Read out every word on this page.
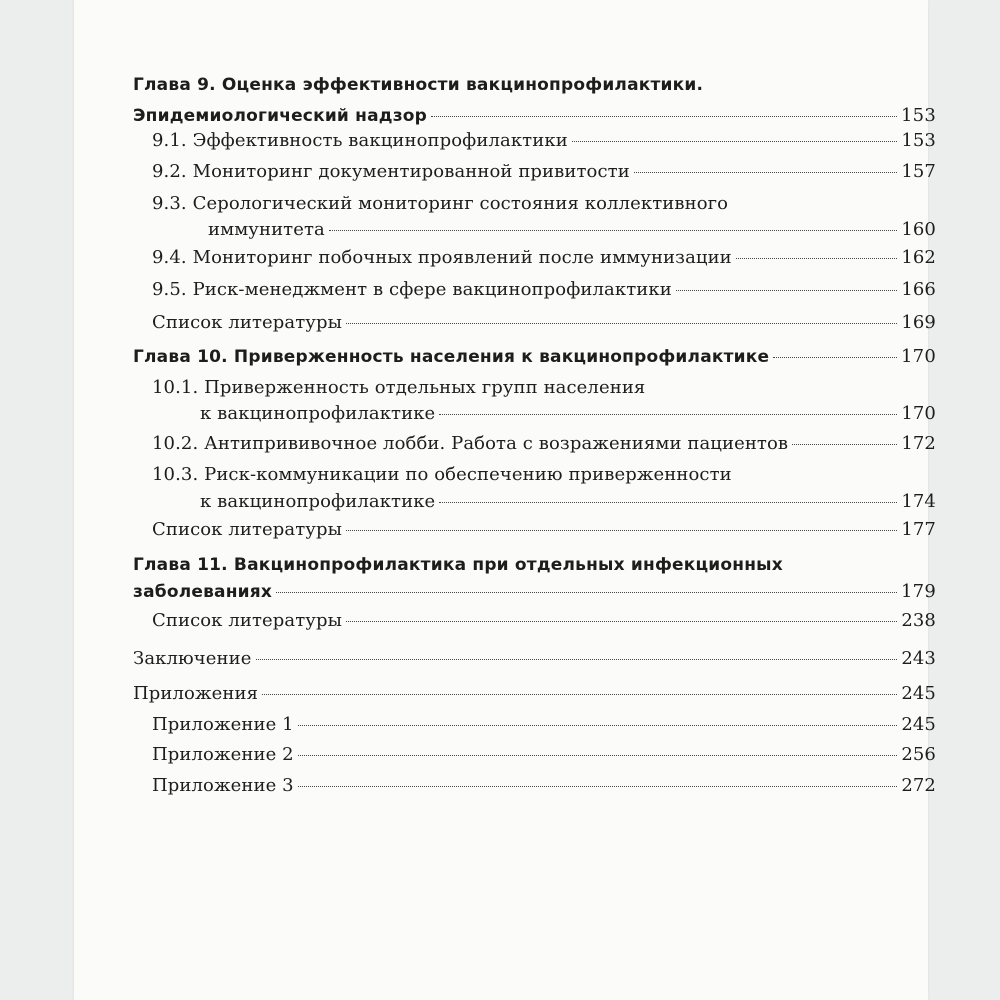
Глава 9. Оценка эффективности вакцинопрофилактики.
Эпидемиологический надзор	153
9.1. Эффективность вакцинопрофилактики	153
9.2. Мониторинг документированной привитости	157
9.3. Серологический мониторинг состояния коллективного
иммунитета	160
9.4. Мониторинг побочных проявлений после иммунизации	162
9.5. Риск-менеджмент в сфере вакцинопрофилактики	166
Список литературы	169
Глава 10. Приверженность населения к вакцинопрофилактике	170
10.1. Приверженность отдельных групп населения
к вакцинопрофилактике	170
10.2. Антипрививочное лобби. Работа с возражениями пациентов	172
10.3. Риск-коммуникации по обеспечению приверженности
к вакцинопрофилактике	174
Список литературы	177
Глава 11. Вакцинопрофилактика при отдельных инфекционных
заболеваниях	179
Список литературы	238
Заключение	243
Приложения	245
Приложение 1	245
Приложение 2	256
Приложение 3	272
